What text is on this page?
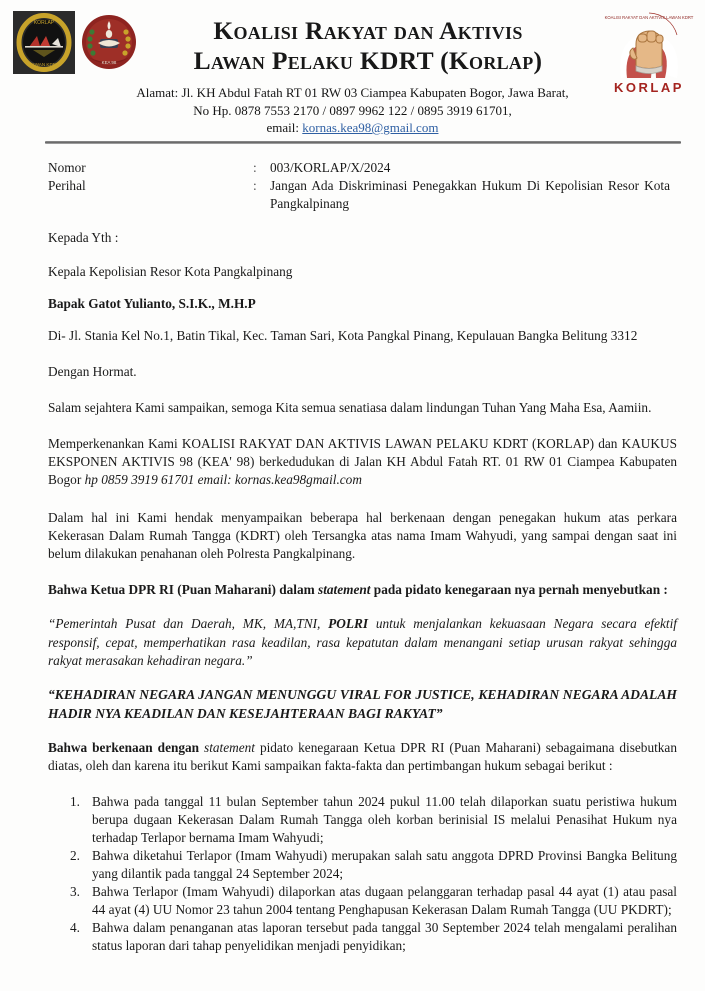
KORLAP
LAWAN KDRT	KEA 98
Koalisi Rakyat dan Aktivis
Lawan Pelaku KDRT (Korlap)
KOALISI RAKYAT DAN AKTIVIS LAWAN KDRT
KORLAP
Alamat: Jl. KH Abdul Fatah RT 01 RW 03 Ciampea Kabupaten Bogor, Jawa Barat,
No Hp. 0878 7553 2170 / 0897 9962 122 / 0895 3919 61701,
email: kornas.kea98@gmail.com
Nomor	: 003/KORLAP/X/2024
Perihal	: Jangan Ada Diskriminasi Penegakkan Hukum Di Kepolisian Resor Kota Pangkalpinang

Kepada Yth :

Kepala Kepolisian Resor Kota Pangkalpinang

Bapak Gatot Yulianto, S.I.K., M.H.P

Di- Jl. Stania Kel No.1, Batin Tikal, Kec. Taman Sari, Kota Pangkal Pinang, Kepulauan Bangka Belitung 3312

Dengan Hormat.

Salam sejahtera Kami sampaikan, semoga Kita semua senatiasa dalam lindungan Tuhan Yang Maha Esa, Aamiin.

Memperkenankan Kami KOALISI RAKYAT DAN AKTIVIS LAWAN PELAKU KDRT (KORLAP) dan KAUKUS EKSPONEN AKTIVIS 98 (KEA' 98) berkedudukan di Jalan KH Abdul Fatah RT. 01 RW 01 Ciampea Kabupaten Bogor hp 0859 3919 61701 email: kornas.kea98gmail.com

Dalam hal ini Kami hendak menyampaikan beberapa hal berkenaan dengan penegakan hukum atas perkara Kekerasan Dalam Rumah Tangga (KDRT) oleh Tersangka atas nama Imam Wahyudi, yang sampai dengan saat ini belum dilakukan penahanan oleh Polresta Pangkalpinang.

Bahwa Ketua DPR RI (Puan Maharani) dalam statement pada pidato kenegaraan nya pernah menyebutkan :

“Pemerintah Pusat dan Daerah, MK, MA,TNI, POLRI untuk menjalankan kekuasaan Negara secara efektif responsif, cepat, memperhatikan rasa keadilan, rasa kepatutan dalam menangani setiap urusan rakyat sehingga rakyat merasakan kehadiran negara.”

“KEHADIRAN NEGARA JANGAN MENUNGGU VIRAL FOR JUSTICE, KEHADIRAN NEGARA ADALAH HADIR NYA KEADILAN DAN KESEJAHTERAAN BAGI RAKYAT”

Bahwa berkenaan dengan statement pidato kenegaraan Ketua DPR RI (Puan Maharani) sebagaimana disebutkan diatas, oleh dan karena itu berikut Kami sampaikan fakta-fakta dan pertimbangan hukum sebagai berikut :

1. Bahwa pada tanggal 11 bulan September tahun 2024 pukul 11.00 telah dilaporkan suatu peristiwa hukum berupa dugaan Kekerasan Dalam Rumah Tangga oleh korban berinisial IS melalui Penasihat Hukum nya terhadap Terlapor bernama Imam Wahyudi;
2. Bahwa diketahui Terlapor (Imam Wahyudi) merupakan salah satu anggota DPRD Provinsi Bangka Belitung yang dilantik pada tanggal 24 September 2024;
3. Bahwa Terlapor (Imam Wahyudi) dilaporkan atas dugaan pelanggaran terhadap pasal 44 ayat (1) atau pasal 44 ayat (4) UU Nomor 23 tahun 2004 tentang Penghapusan Kekerasan Dalam Rumah Tangga (UU PKDRT);
4. Bahwa dalam penanganan atas laporan tersebut pada tanggal 30 September 2024 telah mengalami peralihan status laporan dari tahap penyelidikan menjadi penyidikan;
